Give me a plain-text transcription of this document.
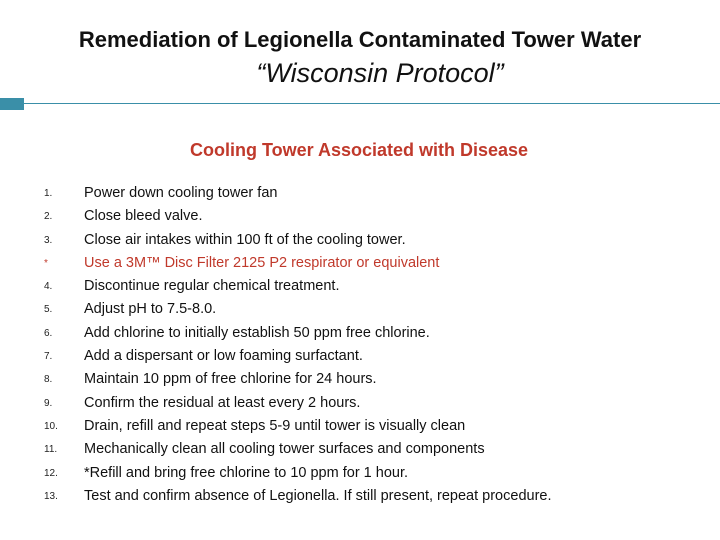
Remediation of Legionella Contaminated Tower Water
“Wisconsin Protocol”
Cooling Tower Associated with Disease
1. Power down cooling tower fan
2. Close bleed valve.
3. Close air intakes within 100 ft of the cooling tower.
* Use a 3M™ Disc Filter 2125 P2 respirator or equivalent
4. Discontinue regular chemical treatment.
5. Adjust pH to 7.5-8.0.
6. Add chlorine to initially establish 50 ppm free chlorine.
7. Add a dispersant or low foaming surfactant.
8. Maintain 10 ppm of free chlorine for 24 hours.
9. Confirm the residual at least every 2 hours.
10. Drain, refill and repeat steps 5-9 until tower is visually clean
11. Mechanically clean all cooling tower surfaces and components
12. *Refill and bring free chlorine to 10 ppm for 1 hour.
13. Test and confirm absence of Legionella. If still present, repeat procedure.
